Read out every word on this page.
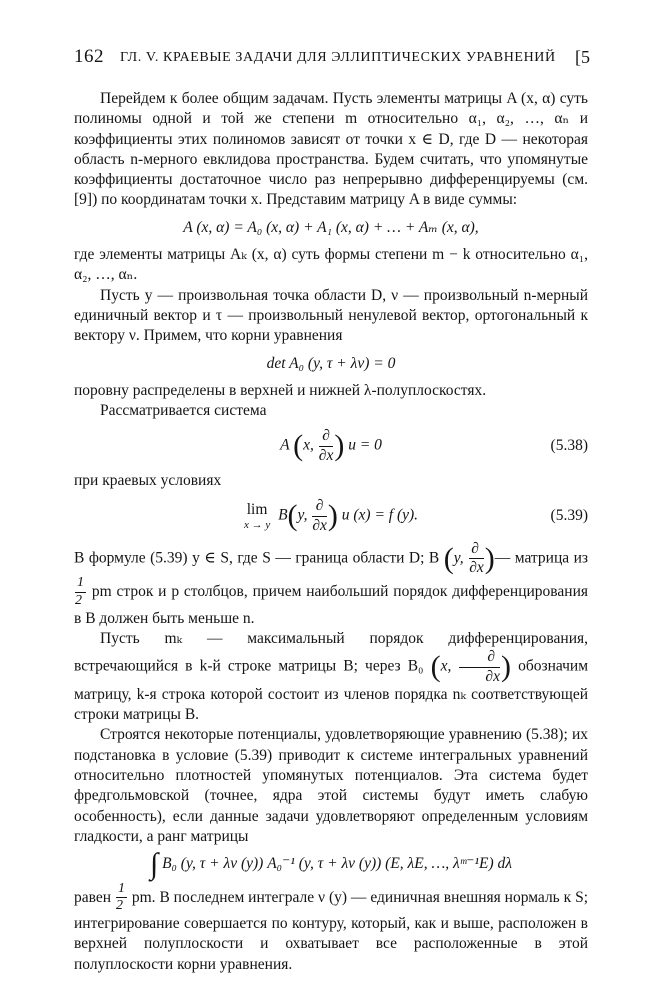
162 ГЛ. V. КРАЕВЫЕ ЗАДАЧИ ДЛЯ ЭЛЛИПТИЧЕСКИХ УРАВНЕНИЙ [5

Перейдем к более общим задачам. Пусть элементы матрицы A (x, α) суть полиномы одной и той же степени m относительно α₁, α₂, …, αₙ и коэффициенты этих полиномов зависят от точки x ∈ D, где D — некоторая область n-мерного евклидова пространства. Будем считать, что упомянутые коэффициенты достаточное число раз непрерывно дифференцируемы (см. [9]) по координатам точки x. Представим матрицу A в виде суммы:

A (x, α) = A₀ (x, α) + A₁ (x, α) + … + Aₘ (x, α),

где элементы матрицы Aₖ (x, α) суть формы степени m − k относительно α₁, α₂, …, αₙ.

Пусть y — произвольная точка области D, ν — произвольный n-мерный единичный вектор и τ — произвольный ненулевой вектор, ортогональный к вектору ν. Примем, что корни уравнения

det A₀ (y, τ + λν) = 0

поровну распределены в верхней и нижней λ-полуплоскостях.

Рассматривается система

A (x, $\frac{\partial}{\partial x}$ ) u = 0	(5.38)

при краевых условиях

lim
x → y
B(y, $\frac{\partial}{\partial x}$ ) u (x) = f (y).	(5.39)

В формуле (5.39) y ∈ S, где S — граница области D; B (y, $\frac{\partial}{\partial x}$ )— матрица из
$\frac{1}{2}$ pm строк и p столбцов, причем наибольший порядок дифференцирования в B должен быть меньше n.

Пусть mₖ — максимальный порядок дифференцирования, встречающийся в k-й строке матрицы B; через B₀ (x, $\frac{\partial}{\partial x}$ ) обозначим матрицу, k-я строка которой состоит из членов порядка nₖ соответствующей строки матрицы B.

Строятся некоторые потенциалы, удовлетворяющие уравнению (5.38); их подстановка в условие (5.39) приводит к системе интегральных уравнений относительно плотностей упомянутых потенциалов. Эта система будет фредгольмовской (точнее, ядра этой системы будут иметь слабую особенность), если данные задачи удовлетворяют определенным условиям гладкости, а ранг матрицы

∫ B₀ (y, τ + λν (y)) A₀⁻¹ (y, τ + λν (y)) (E, λE, …, λᵐ⁻¹E) dλ

равен $\frac{1}{2}$ pm. В последнем интеграле ν (y) — единичная внешняя нормаль к S; интегрирование совершается по контуру, который, как и выше, расположен в верхней полуплоскости и охватывает все расположенные в этой полуплоскости корни уравнения.
